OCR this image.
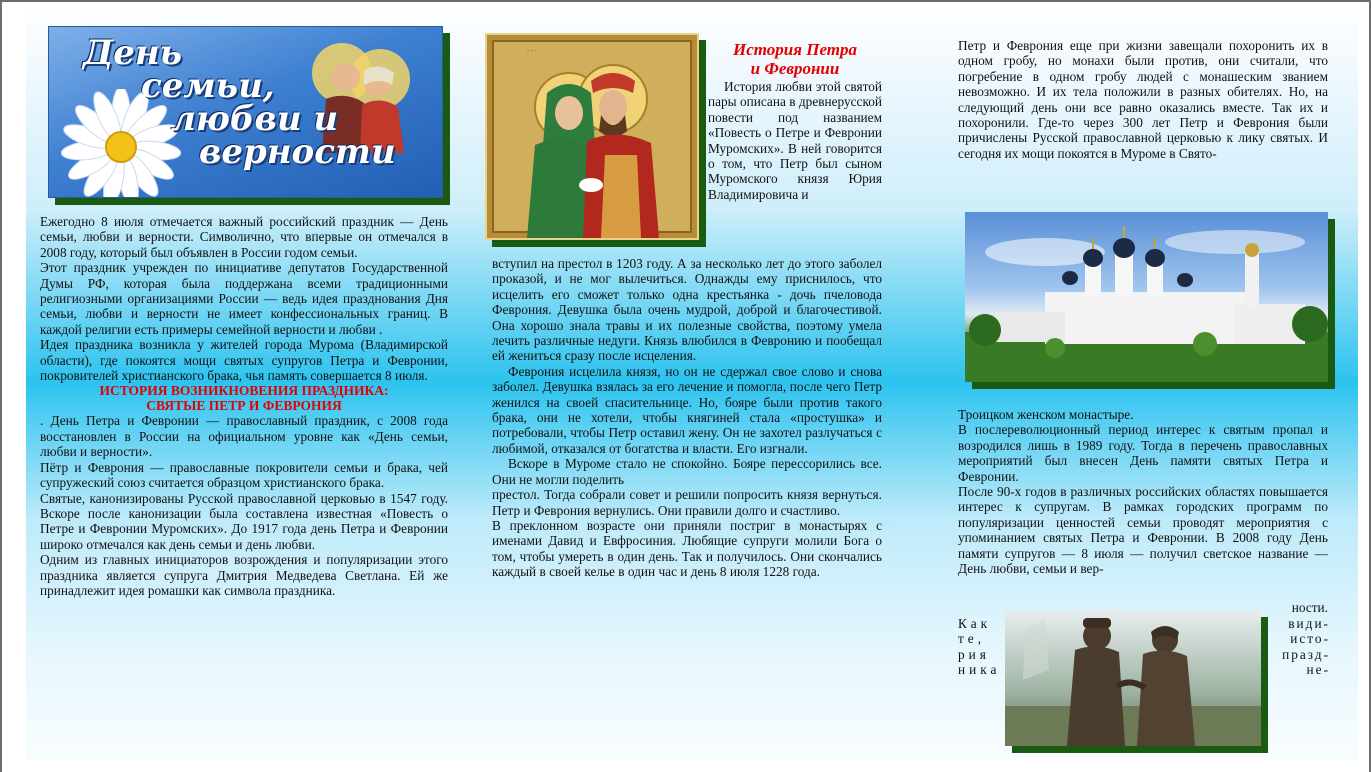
День
семьи,
любви и
верности

Ежегодно 8 июля отмечается важный российский праздник — День семьи, любви и верности. Символично, что впервые он отмечался в 2008 году, который был объявлен в России годом семьи.

Этот праздник учрежден по инициативе депутатов Государственной Думы РФ, которая была поддержана всеми традиционными религиозными организациями России — ведь идея празднования Дня семьи, любви и верности не имеет конфессиональных границ. В каждой религии есть примеры семейной верности и любви .

Идея праздника возникла у жителей города Мурома (Владимирской области), где покоятся мощи святых супругов Петра и Февронии, покровителей христианского брака, чья память совершается 8 июля.

ИСТОРИЯ ВОЗНИКНОВЕНИЯ ПРАЗДНИКА:

СВЯТЫЕ ПЕТР И ФЕВРОНИЯ

. День Петра и Февронии — православный праздник, с 2008 года восстановлен в России на официальном уровне как «День семьи, любви и верности».

Пётр и Феврония — православные покровители семьи и брака, чей супружеский союз считается образцом христианского брака.

Святые, канонизированы Русской православной церковью в 1547 году. Вскоре после канонизации была составлена известная «Повесть о Петре и Февронии Муромских». До 1917 года день Петра и Февронии широко отмечался как день семьи и день любви.

Одним из главных инициаторов возрождения и популяризации этого праздника является супруга Дмитрия Медведева Светлана. Ей же принадлежит идея ромашки как символа праздника.

· · ·	История Петра

и Февронии

История любви этой святой пары описана в древнерусской повести под названием «Повесть о Петре и Февронии Муромских». В ней говорится о том, что Петр был сыном Муромского князя Юрия Владимировича и

вступил на престол в 1203 году. А за несколько лет до этого заболел проказой, и не мог вылечиться. Однажды ему приснилось, что исцелить его сможет только одна крестьянка - дочь пчеловода Феврония. Девушка была очень мудрой, доброй и благочестивой. Она хорошо знала травы и их полезные свойства, поэтому умела лечить различные недуги. Князь влюбился в Февронию и пообещал ей жениться сразу после исцеления.

Феврония исцелила князя, но он не сдержал свое слово и снова заболел. Девушка взялась за его лечение и помогла, после чего Петр женился на своей спасительнице. Но, бояре были против такого брака, они не хотели, чтобы княгиней стала «простушка» и потребовали, чтобы Петр оставил жену. Он не захотел разлучаться с любимой, отказался от богатства и власти. Его изгнали.

Вскоре в Муроме стало не спокойно. Бояре перессорились все. Они не могли поделить

престол. Тогда собрали совет и решили попросить князя вернуться. Петр и Феврония вернулись. Они правили долго и счастливо.

В преклонном возрасте они приняли постриг в монастырях с именами Давид и Евфросиния. Любящие супруги молили Бога о том, чтобы умереть в один день. Так и получилось. Они скончались каждый в своей келье в один час и день 8 июля 1228 года.

Петр и Феврония еще при жизни завещали похоронить их в одном гробу, но монахи были против, они считали, что погребение в одном гробу людей с монашеским званием невозможно. И их тела положили в разных обителях. Но, на следующий день они все равно оказались вместе. Так их и похоронили. Где-то через 300 лет Петр и Феврония были причислены Русской православной церковью к лику святых. И сегодня их мощи покоятся в Муроме в Свято-

Троицком женском монастыре.

В послереволюционный период интерес к святым пропал и возродился лишь в 1989 году. Тогда в перечень православных мероприятий был внесен День памяти святых Петра и Февронии.

После 90-х годов в различных российских областях повышается интерес к супругам. В рамках городских программ по популяризации ценностей семьи проводят мероприятия с упоминанием святых Петра и Февронии. В 2008 году День памяти супругов — 8 июля — получил светское название — День любви, семьи и вер-

ности.
Как
те,
рия
ника
види-
исто-
празд-
не-
